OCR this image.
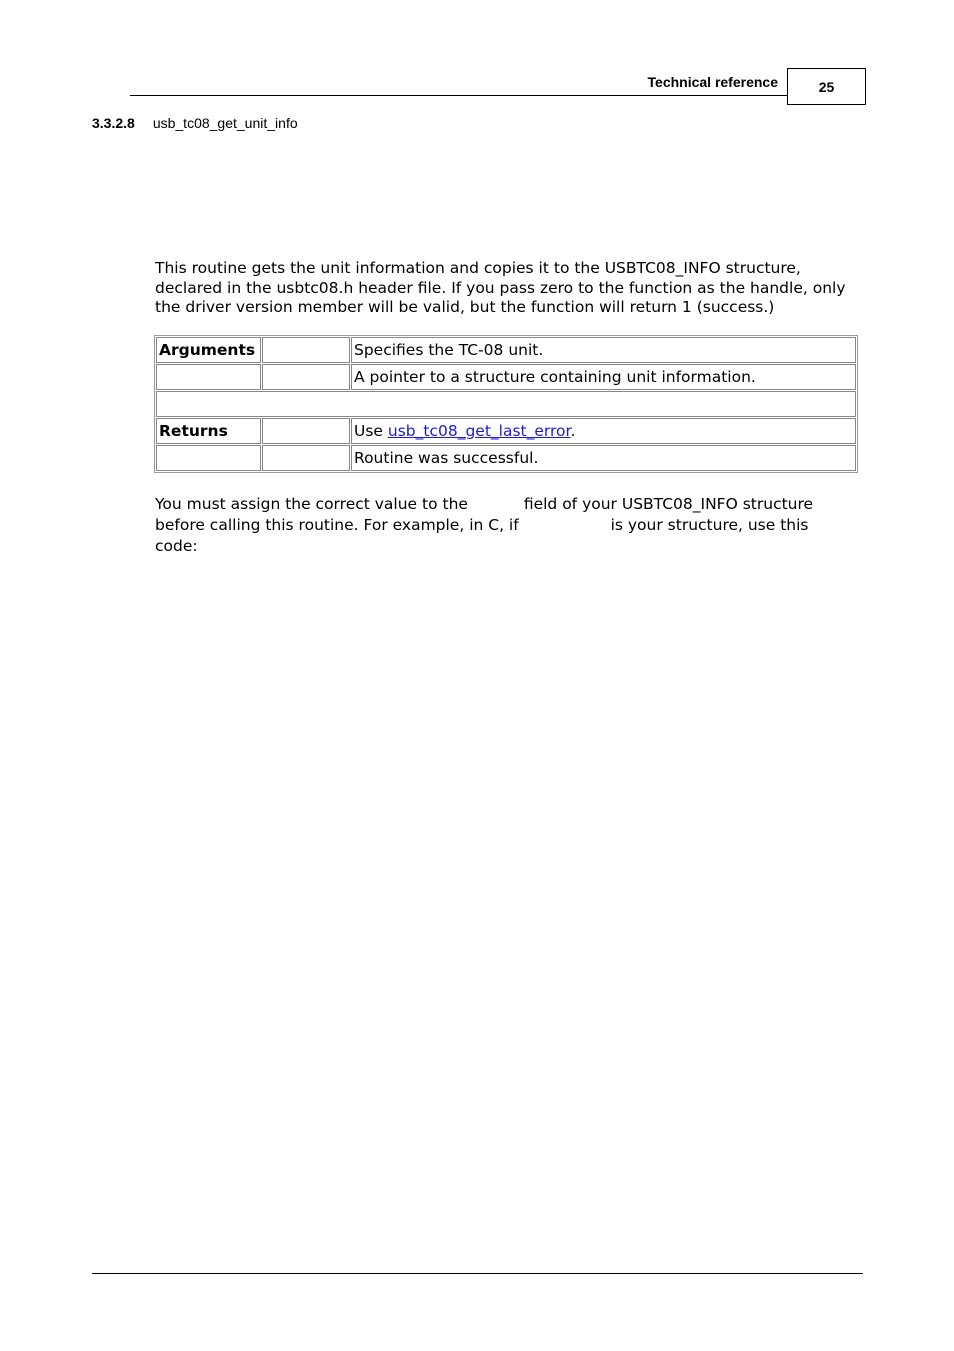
Technical reference	25
3.3.2.8 usb_tc08_get_unit_info

This routine gets the unit information and copies it to the USBTC08_INFO structure, declared in the usbtc08.h header file. If you pass zero to the function as the handle, only the driver version member will be valid, but the function will return 1 (success.)

Arguments		Specifies the TC-08 unit.
		A pointer to a structure containing unit information.

Returns		Use usb_tc08_get_last_error.
		Routine was successful.

You must assign the correct value to the	field of your USBTC08_INFO structure before calling this routine. For example, in C, if	is your structure, use this code:
